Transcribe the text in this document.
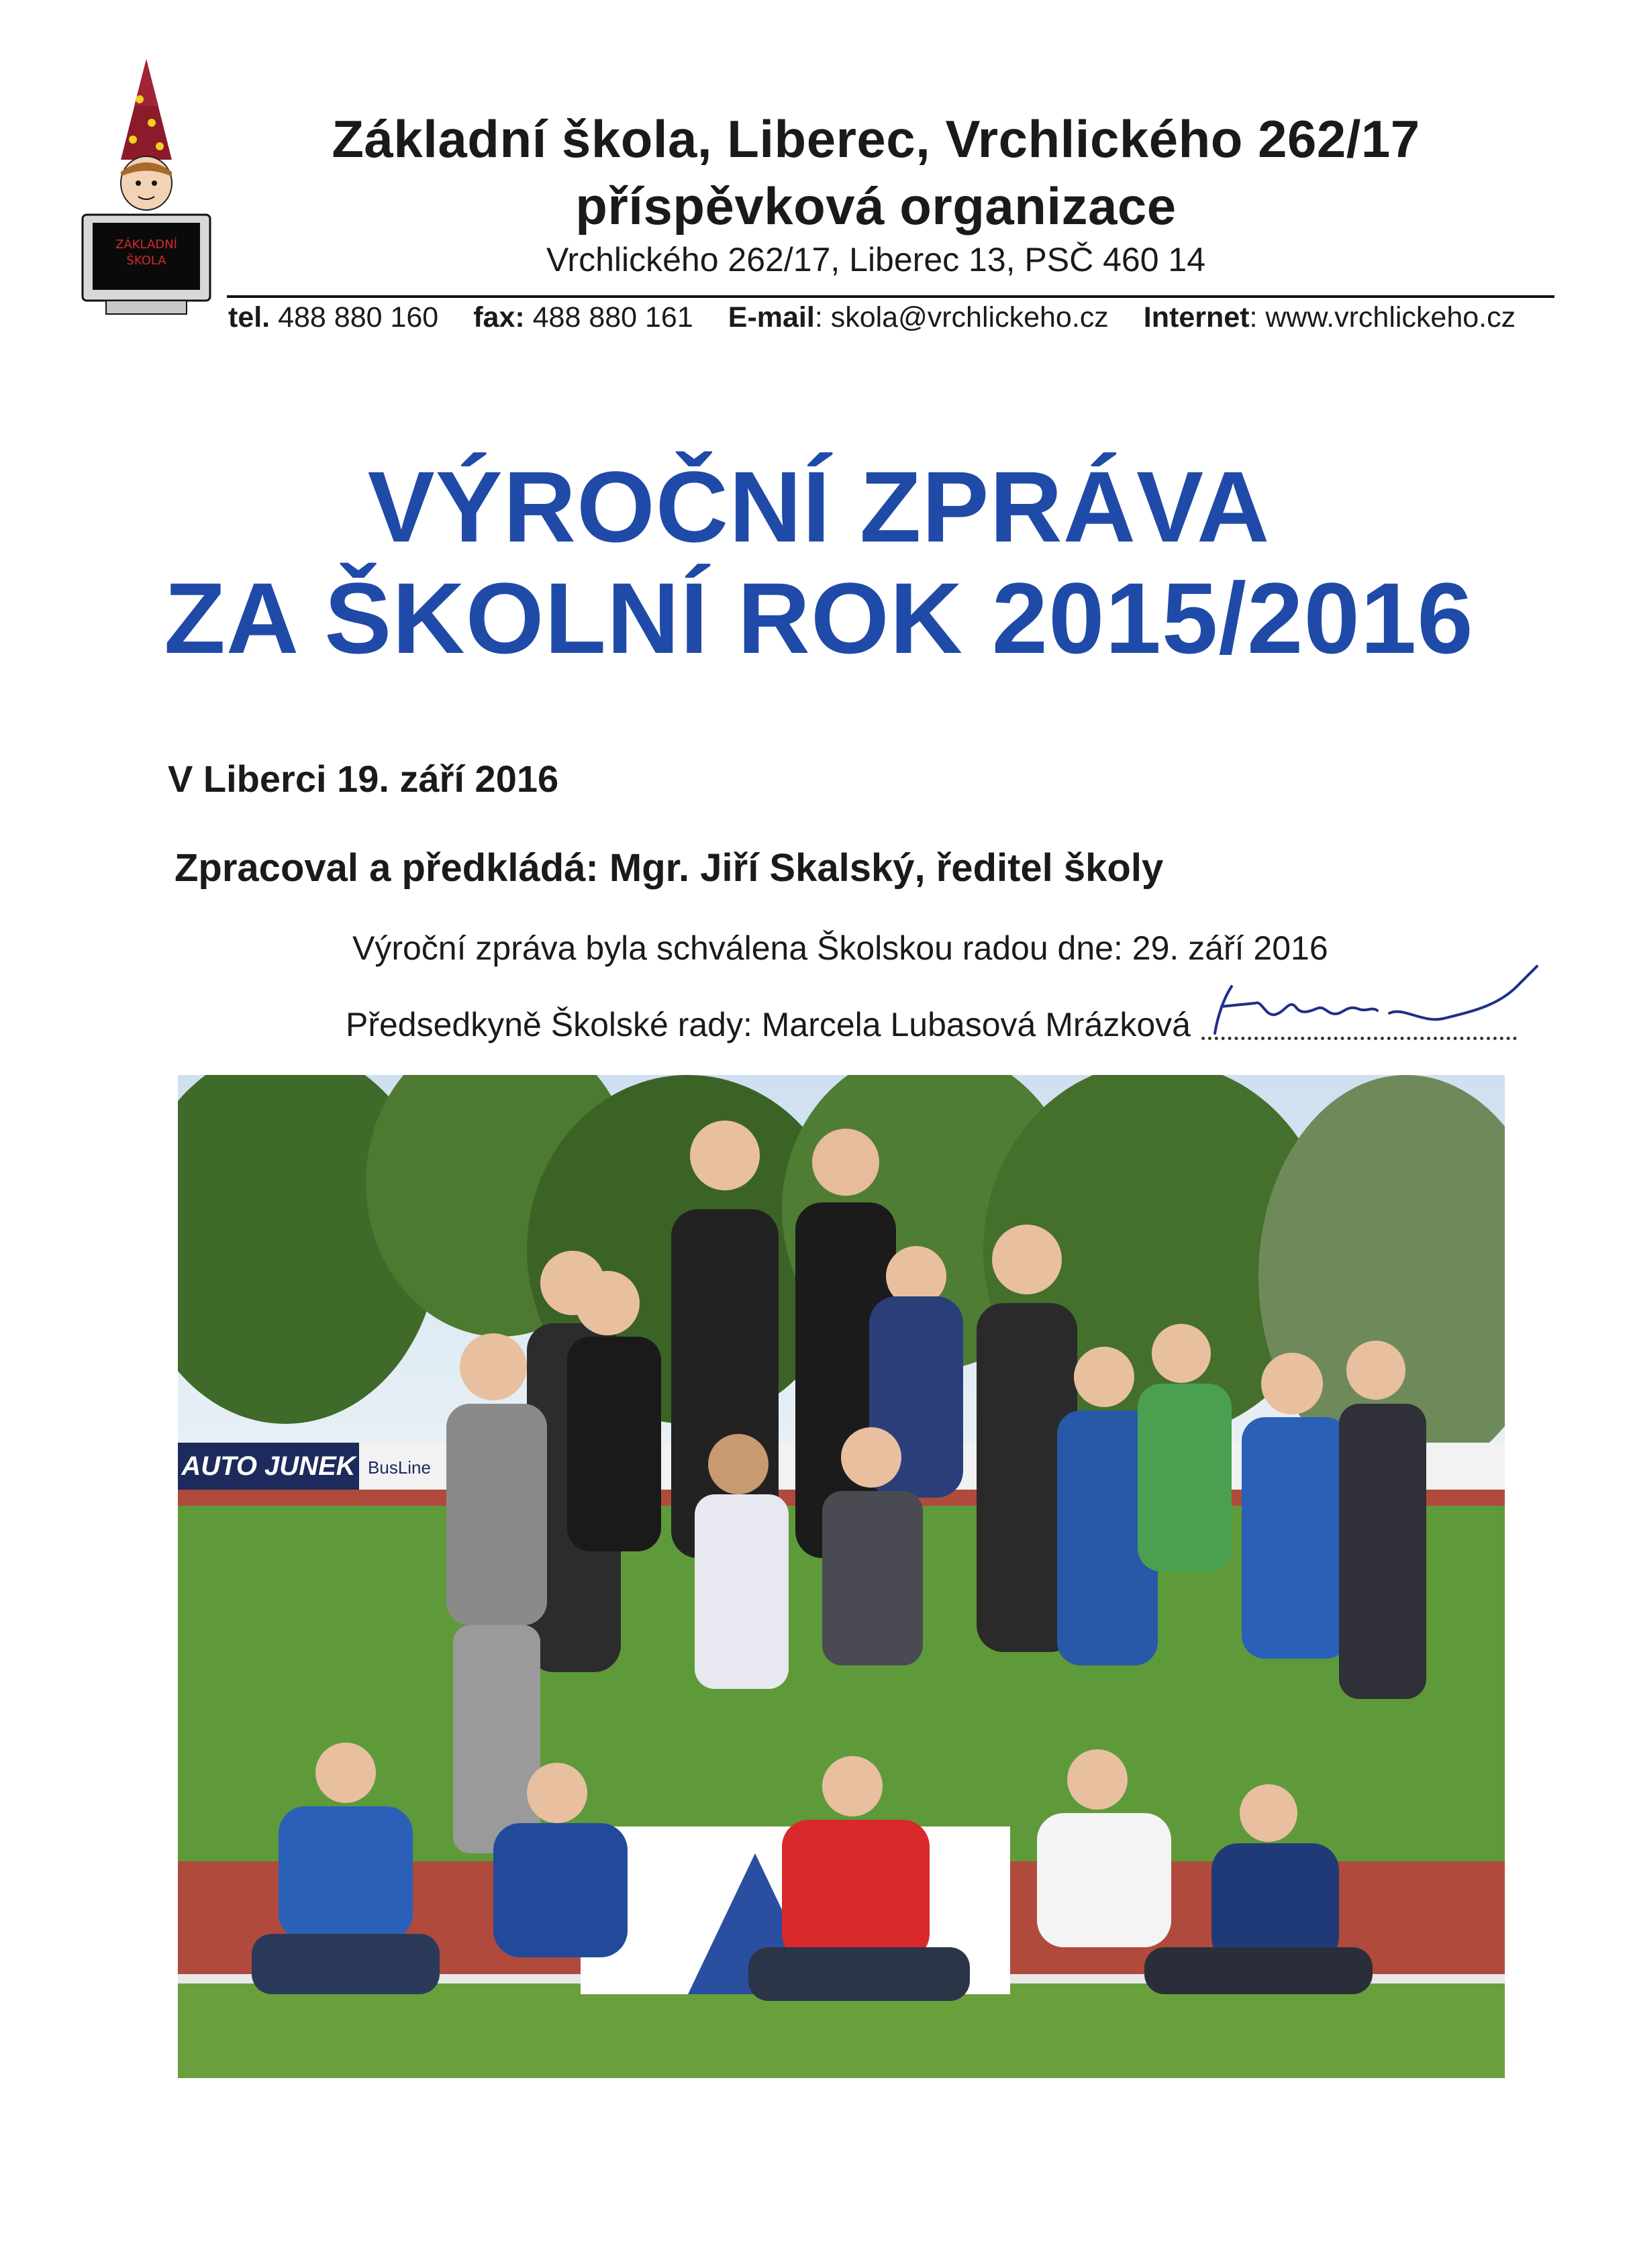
ZÁKLADNÍ
ŠKOLA
Základní škola, Liberec, Vrchlického 262/17
příspěvková organizace
Vrchlického 262/17, Liberec 13, PSČ 460 14
tel. 488 880 160 fax: 488 880 161 E-mail: skola@vrchlickeho.cz Internet: www.vrchlickeho.cz
VÝROČNÍ ZPRÁVA
ZA ŠKOLNÍ ROK 2015/2016
V Liberci 19. září 2016
Zpracoval a předkládá: Mgr. Jiří Skalský, ředitel školy
Výroční zpráva byla schválena Školskou radou dne: 29. září 2016
Předsedkyně Školské rady: Marcela Lubasová Mrázková
AUTO JUNEK BusLine
